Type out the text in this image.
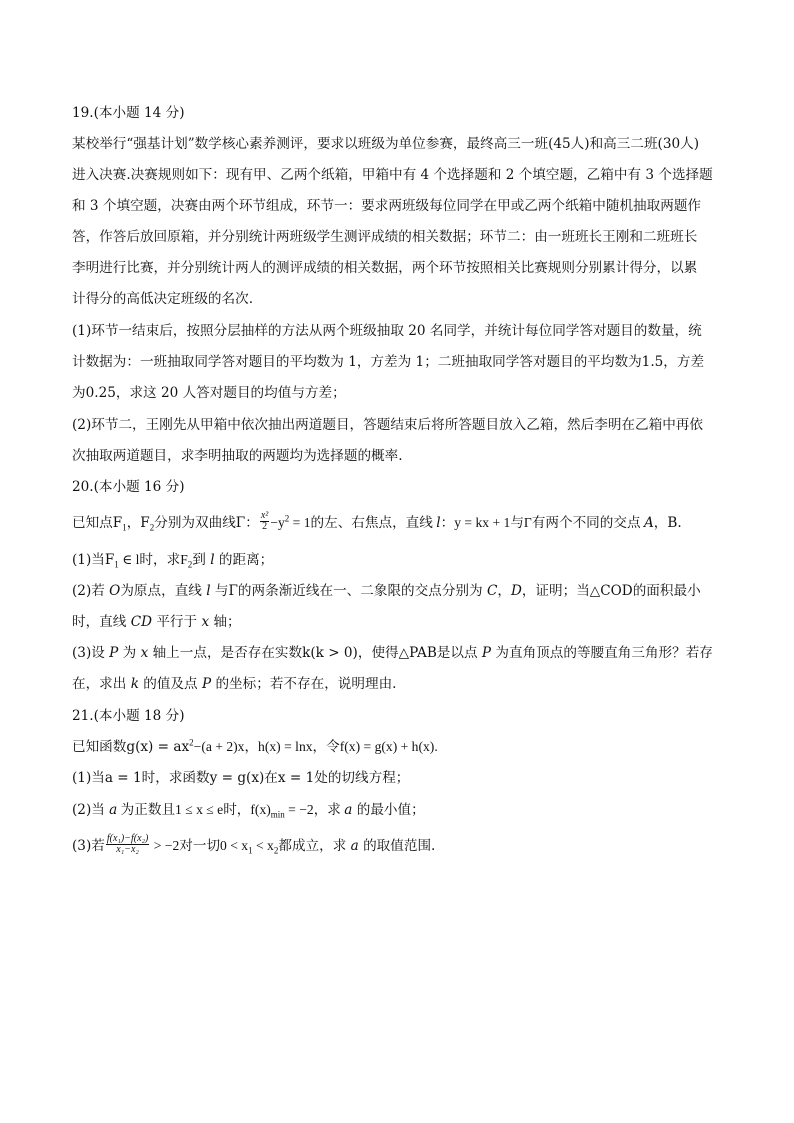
19.(本小题 14 分)
某校举行“强基计划”数学核心素养测评，要求以班级为单位参赛，最终高三一班(45人)和高三二班(30人)
进入决赛.决赛规则如下：现有甲、乙两个纸箱，甲箱中有 4 个选择题和 2 个填空题，乙箱中有 3 个选择题
和 3 个填空题，决赛由两个环节组成，环节一：要求两班级每位同学在甲或乙两个纸箱中随机抽取两题作
答，作答后放回原箱，并分别统计两班级学生测评成绩的相关数据；环节二：由一班班长王刚和二班班长
李明进行比赛，并分别统计两人的测评成绩的相关数据，两个环节按照相关比赛规则分别累计得分，以累
计得分的高低决定班级的名次.
(1)环节一结束后，按照分层抽样的方法从两个班级抽取 20 名同学，并统计每位同学答对题目的数量，统
计数据为：一班抽取同学答对题目的平均数为 1，方差为 1；二班抽取同学答对题目的平均数为1.5，方差
为0.25，求这 20 人答对题目的均值与方差；
(2)环节二，王刚先从甲箱中依次抽出两道题目，答题结束后将所答题目放入乙箱，然后李明在乙箱中再依
次抽取两道题目，求李明抽取的两题均为选择题的概率.
20.(本小题 16 分)
已知点$F_1$，$F_2$分别为双曲线Γ： $\frac{\text{x²}}{2} -y^2 = 1$的左、右焦点，直线 l：y = kx + 1与Γ有两个不同的交点 A，B.
(1)当$F_1$ ∈ l时，求$F_2$到 l 的距离；
(2)若 O为原点，直线 l 与Γ的两条渐近线在一、二象限的交点分别为 C，D，证明；当△COD的面积最小
时，直线 CD 平行于 x 轴；
(3)设 P 为 x 轴上一点，是否存在实数k(k > 0)，使得△PAB是以点 P 为直角顶点的等腰直角三角形？若存
在，求出 k 的值及点 P 的坐标；若不存在，说明理由.
21.(本小题 18 分)
已知函数$g(x) = ax^2-(a + 2)x$，h(x) = lnx，令f(x) = g(x) + h(x).
(1)当a = 1时，求函数y = g(x)在x = 1处的切线方程；
(2)当 a 为正数且1 ≤ x ≤ e时，$f(x)_{min} = -2$，求 a 的最小值；
(3)若 $\frac{\text{f(x₁)−f(x₂)}}{\text{x₁−x₂}} > -2$对一切$0 < x_1 < x_2$都成立，求 a 的取值范围.
